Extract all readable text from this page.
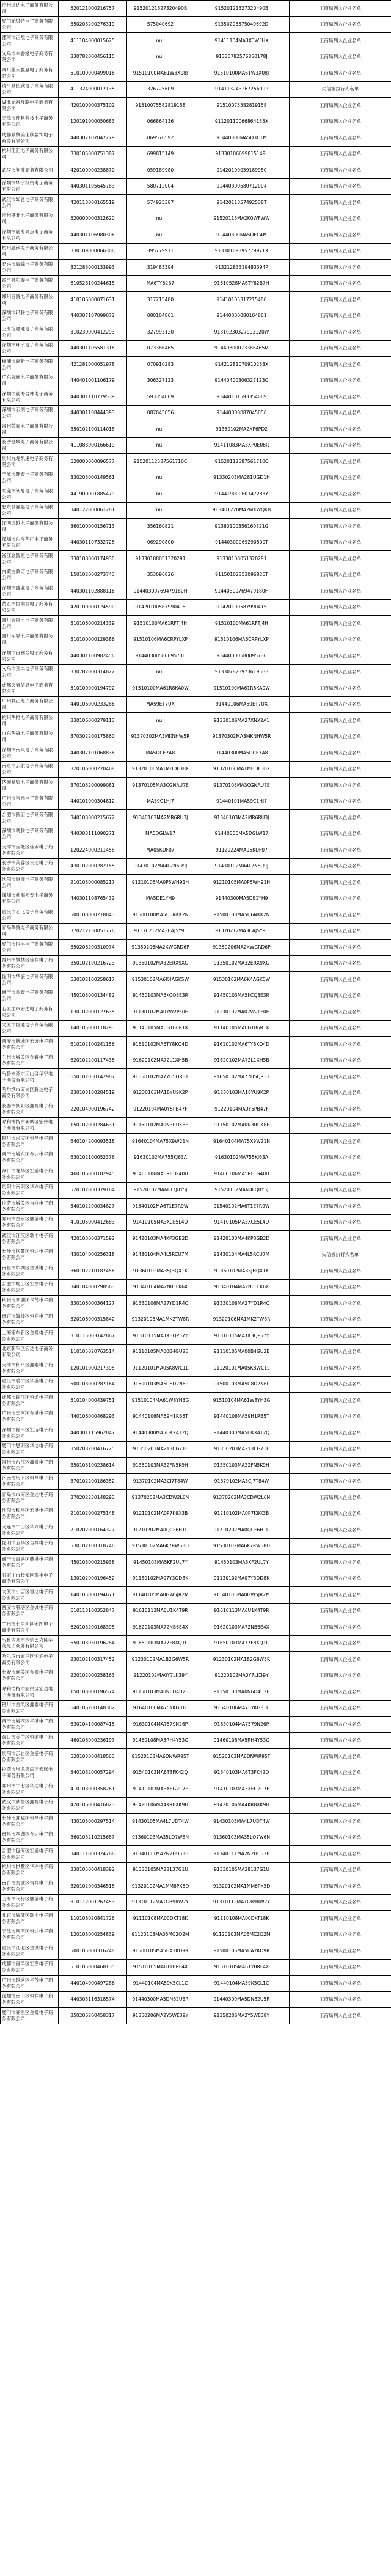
贵州道达电子商务有限公司	520121000216757	91520121327320490B	91520121327320490B	工商局列入企业名单
厦门元贝特电子商务有限公司	350203200276319	575040692	91350203575040692D	工商局列入企业名单
漯河市正熙电子商务有限公司	411104000015625	null	91411104MA3XCWFHX	工商局列入企业名单
义乌市本香缘电子商务有限公司	330782000456115	null	91330782576850178J	工商局列入企业名单
四川蓝天赢嘉电子商务有限公司	510100000499016	91510100MA61W3X08J	91510100MA61W3X08J	工商局列入企业名单
镇平县佰欣电子商务有限公司	411324000017135	326725609	91411324326725609P	失信被执行人名单
湖北光谷互联电子商务有限公司	420100000375102	91510075582819158	91510075582819158	工商局列入企业名单
天津市翔易科技电子商务有限公司	120191000050683	066864136	91120110066864135X	工商局列入企业名单
成都蒙蔡美佳欣装饰电子商务有限公司	440307107047279	069576592	91440300MA5D3C1M	工商局列入企业名单
杭州佳汇电子商务有限公司	330105000751387	699815149	91330106699815149L	工商局列入企业名单
武汉市问胜商务有限公司	420100000238870	059189980	91420100059189980	工商局列入企业名单
深圳市华宇投资电子商务有限公司	440301105645783	580712004	91440300580712004	工商局列入企业名单
武汉市如音电子商务有限公司	420113000165519	574925387	9142011357492538T	工商局列入企业名单
贵州盛北电子商务有限公司	520000000312620	null	91520115MA2K0WFWW	工商局列入企业名单
深圳市前海聚点电子商务有限公司	440301106980306	null	91440300MA5DEC4M	工商局列入企业名单
杭州惠钦电子商务有限公司	330109000066306	395779971	91330109395779971X	工商局列入企业名单
泰兴市海锦电子商务有限公司	321283000133993	319483394	91321283319483394P	工商局列入企业名单
富平县阳泰电子商务有限公司	610528100244615	MA6TY62B7	91610528MA6TY62B7H	工商局列入企业名单
郑州日腾电子商务有限公司	410106000071631	317215480	91410105317215480	工商局列入企业名单
深圳市讯腾电子商务有限公司	440307107099072	080104861	91440300080104861	工商局列入企业名单
上海谊融通电子商务有限公司	310230000412293	327993120	91310230327993120W	工商局列入企业名单
深圳市环宇电子商务有限公司	440301105581316	073386465	91440300073386465M	工商局列入企业名单
杨浦市嘉新电子商务有限公司	421281000051978	070910283	91421281070910283X	工商局列入企业名单
广东冠南电子商务有限公司	440401001106179	306327123	91440400306327123Q	工商局列入企业名单
深圳市前海合林电子商务有限公司	440301110779539	593354069	91440101593354069	工商局列入企业名单
深圳市宏润电子商务有限公司	440301108444393	087045056	91440300087045056	工商局列入企业名单
福州荣泰电子商务有限公司	350102100114018	null	91350102MA2XP6PD2	工商局列入企业名单
长沙金域电子商务有限公司	411083000166619	null	91411083MA3XP0E06R	工商局列入企业名单
贵州九龙凯速电子商务有限公司	520000000096577	91520112587561710C	91520112587561710C	工商局列入企业名单
宁波市健泰电子商务有限公司	330203000149561	null	91330203MA281UGD1H	工商局列入企业名单
东莞市朗易电子商务有限公司	441900001885479	null	91441900060347283Y	工商局列入企业名单
肥东县嘉惠电子商务有限公司	340122000061281	null	913401220MA2MXWQKB	工商局列入企业名单
江西卓越电子商务有限公司	360100000156713	356160821	91360100356160821G	工商局列入企业名单
深圳市东宝华广电子商务有限公司	440301107332728	069290800	91440300069290800T	工商局列入企业名单
浙江金智恒电子商务有限公司	330108000174930	91330108051320291	91330108051320291	工商局列入企业名单
内蒙古蒙诺电子商务有限公司	150102000273743	353096826	91150102353096826T	工商局列入企业名单
深圳市盛业电子商务有限公司	440301102888116	91440300769479180H	91440300769479180H	工商局列入企业名单
黄石市恒润发电子商务有限公司	420100000124590	91420100587990415	91420100587990415	工商局列入企业名单
四川金贵丰电子商务有限公司	510106000214339	91510100MA61RFTJ4H	91510100MA61RFTJ4H	工商局列入企业名单
四川东晶电子商务有限公司	510100000129386	91510106MA6CRPYLXP	91510106MA6CRPYLXP	工商局列入企业名单
深圳市百利全电子商务有限公司	440301100982456	91440300580095736	91440300580095736	工商局列入企业名单
义乌市国丰电子商务有限公司	330782000314822	null	9133078239736195B8	工商局列入企业名单
成都天府信息电子商务有限公司	510100000194792	91510100MA61R8KA0W	91510100MA61R8KA0W	工商局列入企业名单
广州联正电子商务有限公司	440106000233286	MA59ET7UX	91440106MA59ET7UX	工商局列入企业名单
杭州华格电子商务有限公司	330106000279113	null	91330106MA27XNX2A1	工商局列入企业名单
山东华冠电子商务有限公司	370302200175860	91370302MA3MKNHW5R	91370302MA3MKNHW5R	工商局列入企业名单
深圳市南兴电子商务有限公司	440307101068836	MA5DCE7A8	91440300MA5DCE7A8	工商局列入企业名单
南京市云航电子商务有限公司	320106000270468	91320106MA1MHDE38X	91320106MA1MHDE38X	工商局列入企业名单
济南星辰电子商务有限公司	370105200099081	91370105MA3CGNAU7E	91370105MA3CGNAU7E	工商局列入企业名单
广州市宝元电子商务有限公司	440101000304812	MA59C1HJ7	91440101MA59C1HJ7	工商局列入企业名单
合肥市新宏电子商务有限公司	340103000215672	91340103MA2MR6RU3J	91340103MA2MR6RU3J	工商局列入企业名单
深圳市鸿腾电子商务有限公司	440303111090271	MA5DGLW17	91440300MA5DGLW17	工商局列入企业名单
天津市宝坻区佳禾电子商务有限公司	120224000211458	MA05KDF07	91120224MA05KDF07	工商局列入企业名单
长沙市芙蓉区长达电子商务有限公司	430102000282155	91430102MA4L2N5U9J	91430102MA4L2N5U9J	工商局列入企业名单
沈阳市惠泽电子商务有限公司	210105000085217	91210105MA0P5WH91H	91210105MA0P5WH91H	工商局列入企业名单
深圳市前海宏泰电子商务有限公司	440301108765432	MA5DE1YH9	91440300MA5DE1YH9	工商局列入企业名单
重庆市宏飞电子商务有限公司	500108000218843	91500108MA5U6NKK2N	91500108MA5U6NKK2N	工商局列入企业名单
青岛华腾电子商务有限公司	370212230051776	91370212MA3CAJ5Y9L	91370212MA3CAJ5Y9L	工商局列入企业名单
厦门市恒丰电子商务有限公司	350206200310974	91350206MA2XWGRD6P	91350206MA2XWGRD6P	工商局列入企业名单
福州市鼓楼区佳润电子商务有限公司	350102100216723	91350102MA32ERX9XG	91350102MA32ERX9XG	工商局列入企业名单
昆明市华盛电子商务有限公司	530102100258617	91530102MA6K4AGK5W	91530102MA6K4AGK5W	工商局列入企业名单
南宁市金泰电子商务有限公司	450103000134482	91450103MA5KCQ8E3R	91450103MA5KCQ8E3R	工商局列入企业名单
石家庄市宏达电子商务有限公司	130102000127635	91130102MA07W2PF0H	91130102MA07W2PF0H	工商局列入企业名单
太原市恒通电子商务有限公司	140105000118293	91140105MA0GTB6R1K	91140105MA0GTB6R1K	工商局列入企业名单
西安市新城区宏远电子商务有限公司	610102100241156	91610102MA6TY8KQ4D	91610102MA6TY8KQ4D	工商局列入企业名单
兰州市城关区金鑫电子商务有限公司	620102200117438	91620102MA72L1XH5B	91620102MA72L1XH5B	工商局列入企业名单
乌鲁木齐市天山区华宇电子商务有限公司	650102050142987	91650102MA77D5QR3T	91650102MA77D5QR3T	工商局列入企业名单
哈尔滨市南岗区腾达电子商务有限公司	230103100284519	91230103MA18YU9K2P	91230103MA18YU9K2P	工商局列入企业名单
长春市朝阳区鑫源电子商务有限公司	220104000196742	91220104MA0Y5PB47F	91220104MA0Y5PB47F	工商局列入企业名单
呼和浩特市新城区宏伟电子商务有限公司	150102000284631	91150102MA0N3RUK8E	91150102MA0N3RUK8E	工商局列入企业名单
银川市兴庆区恒昌电子商务有限公司	640104200093518	91640104MA75X9W21N	91640104MA75X9W21N	工商局列入企业名单
西宁市城东区金达电子商务有限公司	630102100052376	91630102MA755KJ63A	91630102MA755KJ63A	工商局列入企业名单
海口市龙华区宏盛电子商务有限公司	460106000182945	91460106MA5RFTG40U	91460106MA5RFTG40U	工商局列入企业名单
贵阳市南明区华兴电子商务有限公司	520102000379164	91520102MA6DLQ0Y5J	91520102MA6DLQ0Y5J	工商局列入企业名单
拉萨市城关区吉祥电子商务有限公司	540102200034827	91540102MA6T1E7R9W	91540102MA6T1E7R9W	工商局列入企业名单
郑州市金水区鼎盛电子商务有限公司	410105000412683	91410105MA3XCE5L4Q	91410105MA3XCE5L4Q	工商局列入企业名单
武汉市江汉区瑞丰电子商务有限公司	420103000371592	91420103MA4KP3GB2D	91420103MA4KP3GB2D	工商局列入企业名单
长沙市岳麓区恒达电子商务有限公司	430104000256318	91430104MA4L5RCU7M	91430104MA4L5RCU7M	失信被执行人名单
南昌市东湖区金诚电子商务有限公司	360102210187456	91360102MA35JHQX1K	91360102MA35JHQX1K	工商局列入企业名单
合肥市蜀山区宏图电子商务有限公司	340104000298563	91340104MA2N0FLK6X	91340104MA2N0FLK6X	工商局列入企业名单
杭州市西湖区华茂电子商务有限公司	330106000364127	91330106MA27YD1R4C	91330106MA27YD1R4C	工商局列入企业名单
南京市鼓楼区恒润电子商务有限公司	320106000315842	91320106MA1MK2TW8R	91320106MA1MK2TW8R	工商局列入企业名单
上海浦东新区金源电子商务有限公司	310115003142867	91310115MA1K3QP57Y	91310115MA1K3QP57Y	工商局列入企业名单
北京朝阳区宏达电子商务有限公司	110105020763514	91110105MA00B4GU2E	91110105MA00B4GU2E	工商局列入企业名单
天津市和平区鑫泰电子商务有限公司	120101000217395	91120101MA05K8WC1L	91120101MA05K8WC1L	工商局列入企业名单
重庆市渝中区华盛电子商务有限公司	500103000287164	91500103MA5U8D2N6P	91500103MA5U8D2N6P	工商局列入企业名单
成都市锦江区恒通电子商务有限公司	510104000439751	91510104MA61W8YH3G	91510104MA61W8YH3G	工商局列入企业名单
广州市天河区金盛电子商务有限公司	440106000468293	91440106MA59H1RB5T	91440106MA59H1RB5T	工商局列入企业名单
深圳市福田区宏远电子商务有限公司	440301115962847	91440300MA5DKX4T2Q	91440300MA5DKX4T2Q	工商局列入企业名单
厦门市思明区华达电子商务有限公司	350203200416725	91350203MA2Y3CG71F	91350203MA2Y3CG71F	工商局列入企业名单
福州市台江区鑫源电子商务有限公司	350103100238614	91350103MA32FN5K9H	91350103MA32FN5K9H	工商局列入企业名单
济南市历下区恒昌电子商务有限公司	370102200186352	91370102MA3CJ7T84W	91370102MA3CJ7T84W	工商局列入企业名单
青岛市市南区金达电子商务有限公司	370202230148293	91370202MA3CDW2L6N	91370202MA3CDW2L6N	工商局列入企业名单
沈阳市和平区宏盛电子商务有限公司	210102000275148	91210102MA0P7K9X3B	91210102MA0P7K9X3B	工商局列入企业名单
大连市中山区华兴电子商务有限公司	210202000164327	91210202MA0QCF6H1U	91210202MA0QCF6H1U	工商局列入企业名单
昆明市五华区吉祥电子商务有限公司	530102100318746	91530102MA6K7RW58D	91530102MA6K7RW58D	工商局列入企业名单
南宁市青秀区鼎盛电子商务有限公司	450103000215938	91450103MA5KF2UL7Y	91450103MA5KF2UL7Y	工商局列入企业名单
石家庄市长安区瑞丰电子商务有限公司	130102000196452	91130102MA07Y3QD8K	91130102MA07Y3QD8K	工商局列入企业名单
太原市小店区恒达电子商务有限公司	140105000194671	91140105MA0GW5JR2M	91140105MA0GW5JR2M	工商局列入企业名单
西安市雁塔区金诚电子商务有限公司	610113100352847	91610113MA6U1K4T9R	91610113MA6U1K4T9R	工商局列入企业名单
兰州市七里河区宏图电子商务有限公司	620103200168395	91620103MA72NB6E4X	91620103MA72NB6E4X	工商局列入企业名单
乌鲁木齐市沙依巴克区华茂电子商务有限公司	650103050196284	91650103MA77F8XQ1C	91650103MA77F8XQ1C	工商局列入企业名单
哈尔滨市道里区恒润电子商务有限公司	230102100317452	91230102MA1B2G6W5R	91230102MA1B2G6W5R	工商局列入企业名单
长春市南关区金源电子商务有限公司	220102000258163	91220102MA0Y7LK39Y	91220102MA0Y7LK39Y	工商局列入企业名单
呼和浩特市回民区宏达电子商务有限公司	150103000196574	91150103MA0N6D4U2E	91150103MA0N6D4U2E	工商局列入企业名单
银川市金凤区鑫泰电子商务有限公司	640106200148362	91640106MA75YKG81L	91640106MA75YKG81L	工商局列入企业名单
西宁市城西区华盛电子商务有限公司	630104100087415	91630104MA7579N26P	91630104MA7579N26P	工商局列入企业名单
海口市美兰区恒通电子商务有限公司	460108000236197	91460108MA5RH4Y53G	91460108MA5RH4Y53G	工商局列入企业名单
贵阳市云岩区金盛电子商务有限公司	520103000418563	91520103MA6DNWR95T	91520103MA6DNWR95T	工商局列入企业名单
拉萨市堆龙德庆区宏远电子商务有限公司	540103200057294	91540103MA6T3FK42Q	91540103MA6T3FK42Q	工商局列入企业名单
郑州市二七区华达电子商务有限公司	410103000358261	91410103MA3XEG2C7F	91410103MA3XEG2C7F	工商局列入企业名单
武汉市武昌区鑫源电子商务有限公司	420106000416823	91420106MA4KR8XK9H	91420106MA4KR8XK9H	工商局列入企业名单
长沙市开福区恒昌电子商务有限公司	430105000297514	91430105MA4L7UDT4W	91430105MA4L7UDT4W	工商局列入企业名单
南昌市西湖区金达电子商务有限公司	360103210215687	91360103MA35LQ7W6N	91360103MA35LQ7W6N	工商局列入企业名单
合肥市包河区宏盛电子商务有限公司	340111000324786	91340111MA2N2HU53B	91340111MA2N2HU53B	工商局列入企业名单
杭州市拱墅区华兴电子商务有限公司	330105000418392	91330105MA28137G1U	91330105MA28137G1U	工商局列入企业名单
南京市玄武区吉祥电子商务有限公司	320102000346518	91320102MA1MM6PX5D	91320102MA1MM6PX5D	工商局列入企业名单
上海市闵行区鼎盛电子商务有限公司	310112001267453	91310112MA1GB9RW7Y	91310112MA1GB9RW7Y	工商局列入企业名单
北京市海淀区瑞丰电子商务有限公司	110108020841726	91110108MA00DKT18K	91110108MA00DKT18K	工商局列入企业名单
天津市河西区恒达电子商务有限公司	120103000254839	91120103MA05MC2Q2M	91120103MA05MC2Q2M	工商局列入企业名单
重庆市江北区金诚电子商务有限公司	500105000316248	91500105MA5UA7KD9R	91500105MA5UA7KD9R	工商局列入企业名单
成都市青羊区宏图电子商务有限公司	510105000468135	91510105MA61YBRF4X	91510105MA61YBRF4X	工商局列入企业名单
广州市越秀区华茂电子商务有限公司	440104000497286	91440104MA59K5CL1C	91440104MA59K5CL1C	工商局列入企业名单
深圳市南山区恒润电子商务有限公司	440305116318574	91440300MA5DN82U5R	91440300MA5DN82U5R	工商局列入企业名单
厦门市湖里区金源电子商务有限公司	350206200458317	91350206MA2Y5WE39Y	91350206MA2Y5WE39Y	工商局列入企业名单
